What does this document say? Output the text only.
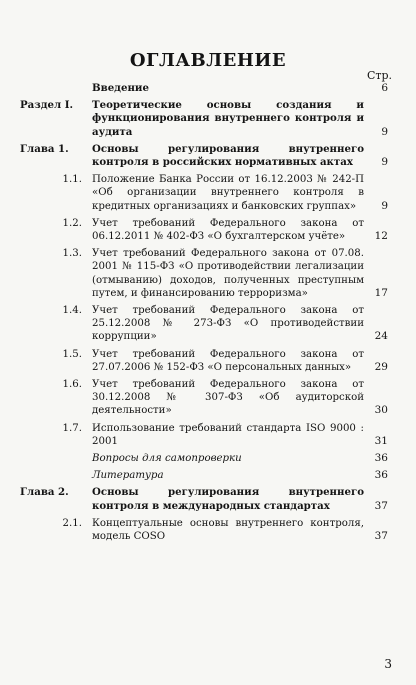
ОГЛАВЛЕНИЕ
Стр.
Введение	6
Раздел I.	Теоретические основы создания и функционирования внутреннего контроля и аудита	9
Глава 1.	Основы регулирования внутреннего контроля в российских нормативных актах	9
1.1. Положение Банка России от 16.12.2003 № 242-П «Об организации внутреннего контроля в кредитных организациях и банковских группах»	9
1.2. Учет требований Федерального закона от 06.12.2011 № 402-ФЗ «О бухгалтерском учёте»	12
1.3. Учет требований Федерального закона от 07.08. 2001 № 115-ФЗ «О противодействии легализации (отмыванию) доходов, полученных преступным путем, и финансированию терроризма»	17
1.4. Учет требований Федерального закона от 25.12.2008 № 273-ФЗ «О противодействии коррупции»	24
1.5. Учет требований Федерального закона от 27.07.2006 № 152-ФЗ «О персональных данных»	29
1.6. Учет требований Федерального закона от 30.12.2008 № 307-ФЗ «Об аудиторской деятельности»	30
1.7. Использование требований стандарта ISO 9000 : 2001	31
Вопросы для самопроверки	36
Литература	36
Глава 2.	Основы регулирования внутреннего контроля в международных стандартах	37
2.1. Концептуальные основы внутреннего контроля, модель COSO	37
3
